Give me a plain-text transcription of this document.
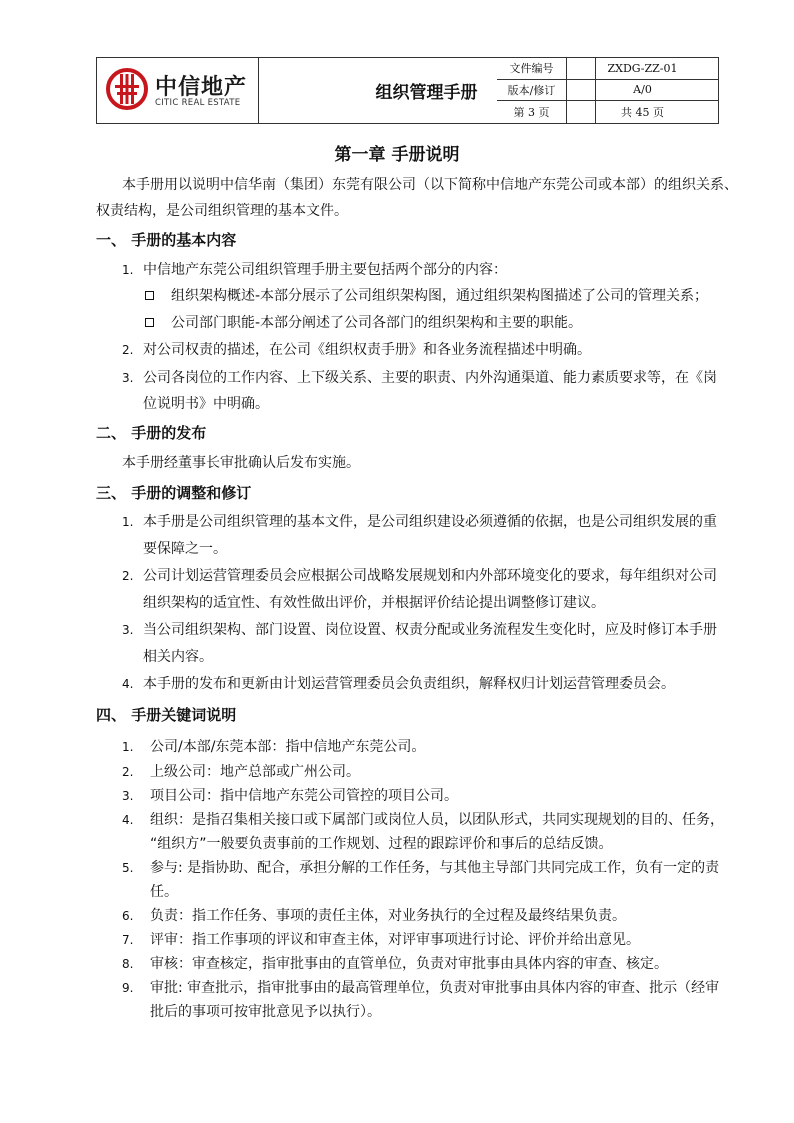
中信地产
CITIC REAL ESTATE	组织管理手册
文件编号	ZXDG-ZZ-01
版本/修订	A/0
第 3 页	共 45 页
第一章 手册说明
本手册用以说明中信华南（集团）东莞有限公司（以下简称中信地产东莞公司或本部）的组织关系、
权责结构，是公司组织管理的基本文件。
一、 手册的基本内容
1. 中信地产东莞公司组织管理手册主要包括两个部分的内容：
组织架构概述-本部分展示了公司组织架构图，通过组织架构图描述了公司的管理关系；
公司部门职能-本部分阐述了公司各部门的组织架构和主要的职能。
2. 对公司权责的描述，在公司《组织权责手册》和各业务流程描述中明确。
3. 公司各岗位的工作内容、上下级关系、主要的职责、内外沟通渠道、能力素质要求等，在《岗
位说明书》中明确。
二、 手册的发布
本手册经董事长审批确认后发布实施。
三、 手册的调整和修订
1. 本手册是公司组织管理的基本文件，是公司组织建设必须遵循的依据，也是公司组织发展的重
要保障之一。
2. 公司计划运营管理委员会应根据公司战略发展规划和内外部环境变化的要求，每年组织对公司
组织架构的适宜性、有效性做出评价，并根据评价结论提出调整修订建议。
3. 当公司组织架构、部门设置、岗位设置、权责分配或业务流程发生变化时，应及时修订本手册
相关内容。
4. 本手册的发布和更新由计划运营管理委员会负责组织，解释权归计划运营管理委员会。
四、 手册关键词说明
1. 公司/本部/东莞本部：指中信地产东莞公司。
2. 上级公司：地产总部或广州公司。
3. 项目公司：指中信地产东莞公司管控的项目公司。
4. 组织：是指召集相关接口或下属部门或岗位人员，以团队形式，共同实现规划的目的、任务，
“组织方”一般要负责事前的工作规划、过程的跟踪评价和事后的总结反馈。
5. 参与: 是指协助、配合，承担分解的工作任务，与其他主导部门共同完成工作，负有一定的责
任。
6. 负责：指工作任务、事项的责任主体，对业务执行的全过程及最终结果负责。
7. 评审：指工作事项的评议和审查主体，对评审事项进行讨论、评价并给出意见。
8. 审核：审查核定，指审批事由的直管单位，负责对审批事由具体内容的审查、核定。
9. 审批: 审查批示，指审批事由的最高管理单位，负责对审批事由具体内容的审查、批示（经审
批后的事项可按审批意见予以执行）。
